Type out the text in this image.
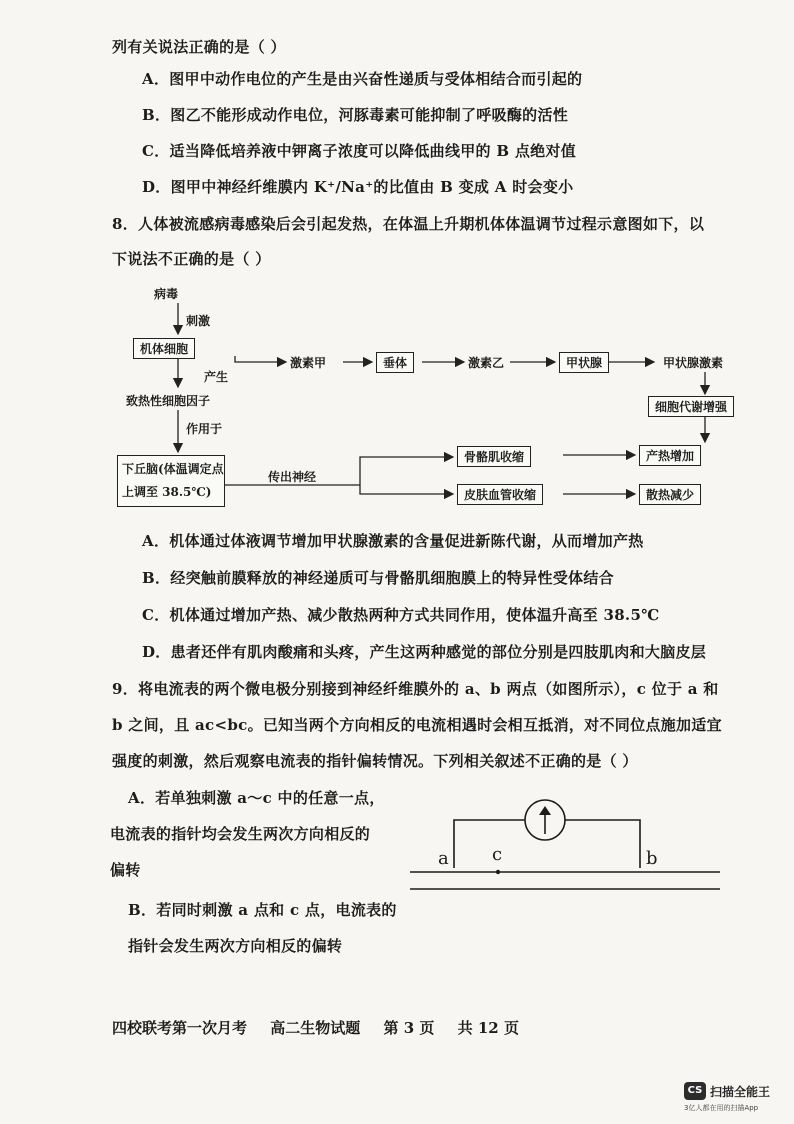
列有关说法正确的是（ ）
A．图甲中动作电位的产生是由兴奋性递质与受体相结合而引起的
B．图乙不能形成动作电位，河豚毒素可能抑制了呼吸酶的活性
C．适当降低培养液中钾离子浓度可以降低曲线甲的 B 点绝对值
D．图甲中神经纤维膜内 K⁺/Na⁺的比值由 B 变成 A 时会变小
8．人体被流感病毒感染后会引起发热，在体温上升期机体体温调节过程示意图如下，以
下说法不正确的是（ ）
病毒
刺激
机体细胞
产生
致热性细胞因子
作用于
下丘脑(体温调定点
上调至 38.5℃)
激素甲	垂体	激素乙	甲状腺	甲状腺激素
细胞代谢增强
传出神经
骨骼肌收缩
皮肤血管收缩
产热增加
散热减少
A．机体通过体液调节增加甲状腺激素的含量促进新陈代谢，从而增加产热
B．经突触前膜释放的神经递质可与骨骼肌细胞膜上的特异性受体结合
C．机体通过增加产热、减少散热两种方式共同作用，使体温升高至 38.5℃
D．患者还伴有肌肉酸痛和头疼，产生这两种感觉的部位分别是四肢肌肉和大脑皮层
9．将电流表的两个微电极分别接到神经纤维膜外的 a、b 两点（如图所示），c 位于 a 和
b 之间，且 ac<bc。已知当两个方向相反的电流相遇时会相互抵消，对不同位点施加适宜
强度的刺激，然后观察电流表的指针偏转情况。下列相关叙述不正确的是（ ）
A．若单独刺激 a～c 中的任意一点，
电流表的指针均会发生两次方向相反的
偏转
B．若同时刺激 a 点和 c 点，电流表的
指针会发生两次方向相反的偏转
a c	b
四校联考第一次月考 高二生物试题 第 3 页 共 12 页
CS 扫描全能王
3亿人都在用的扫描App
